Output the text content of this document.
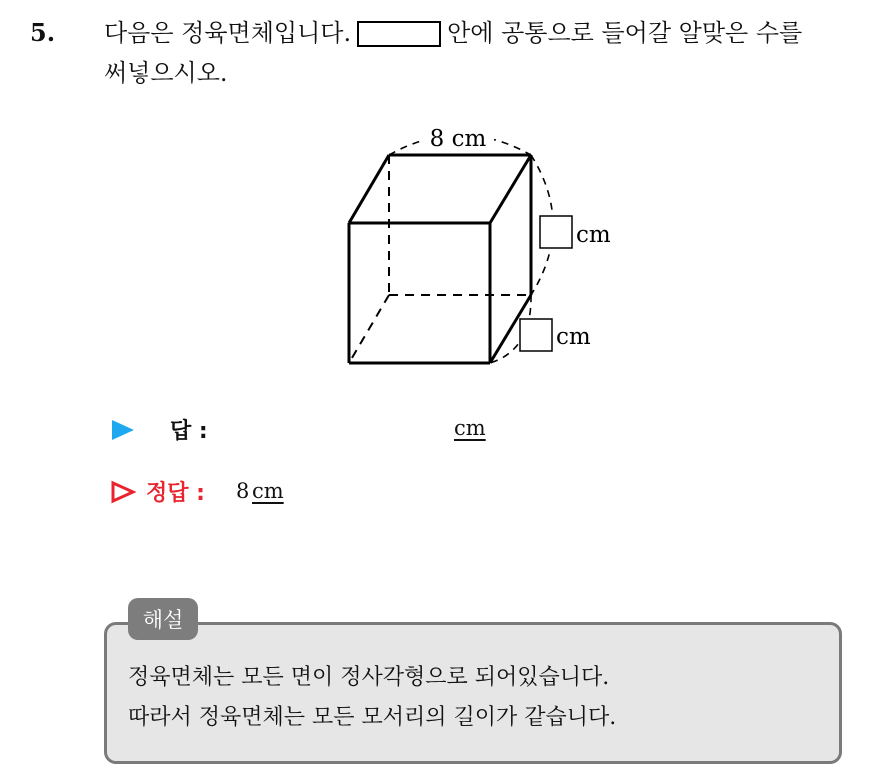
5. 다음은 정육면체입니다.	안에 공통으로 들어갈 알맞은 수를
써넣으시오.
8 cm
cm
cm
답 :	cm
정답 : 8 cm
해설
정육면체는 모든 면이 정사각형으로 되어있습니다.
따라서 정육면체는 모든 모서리의 길이가 같습니다.
